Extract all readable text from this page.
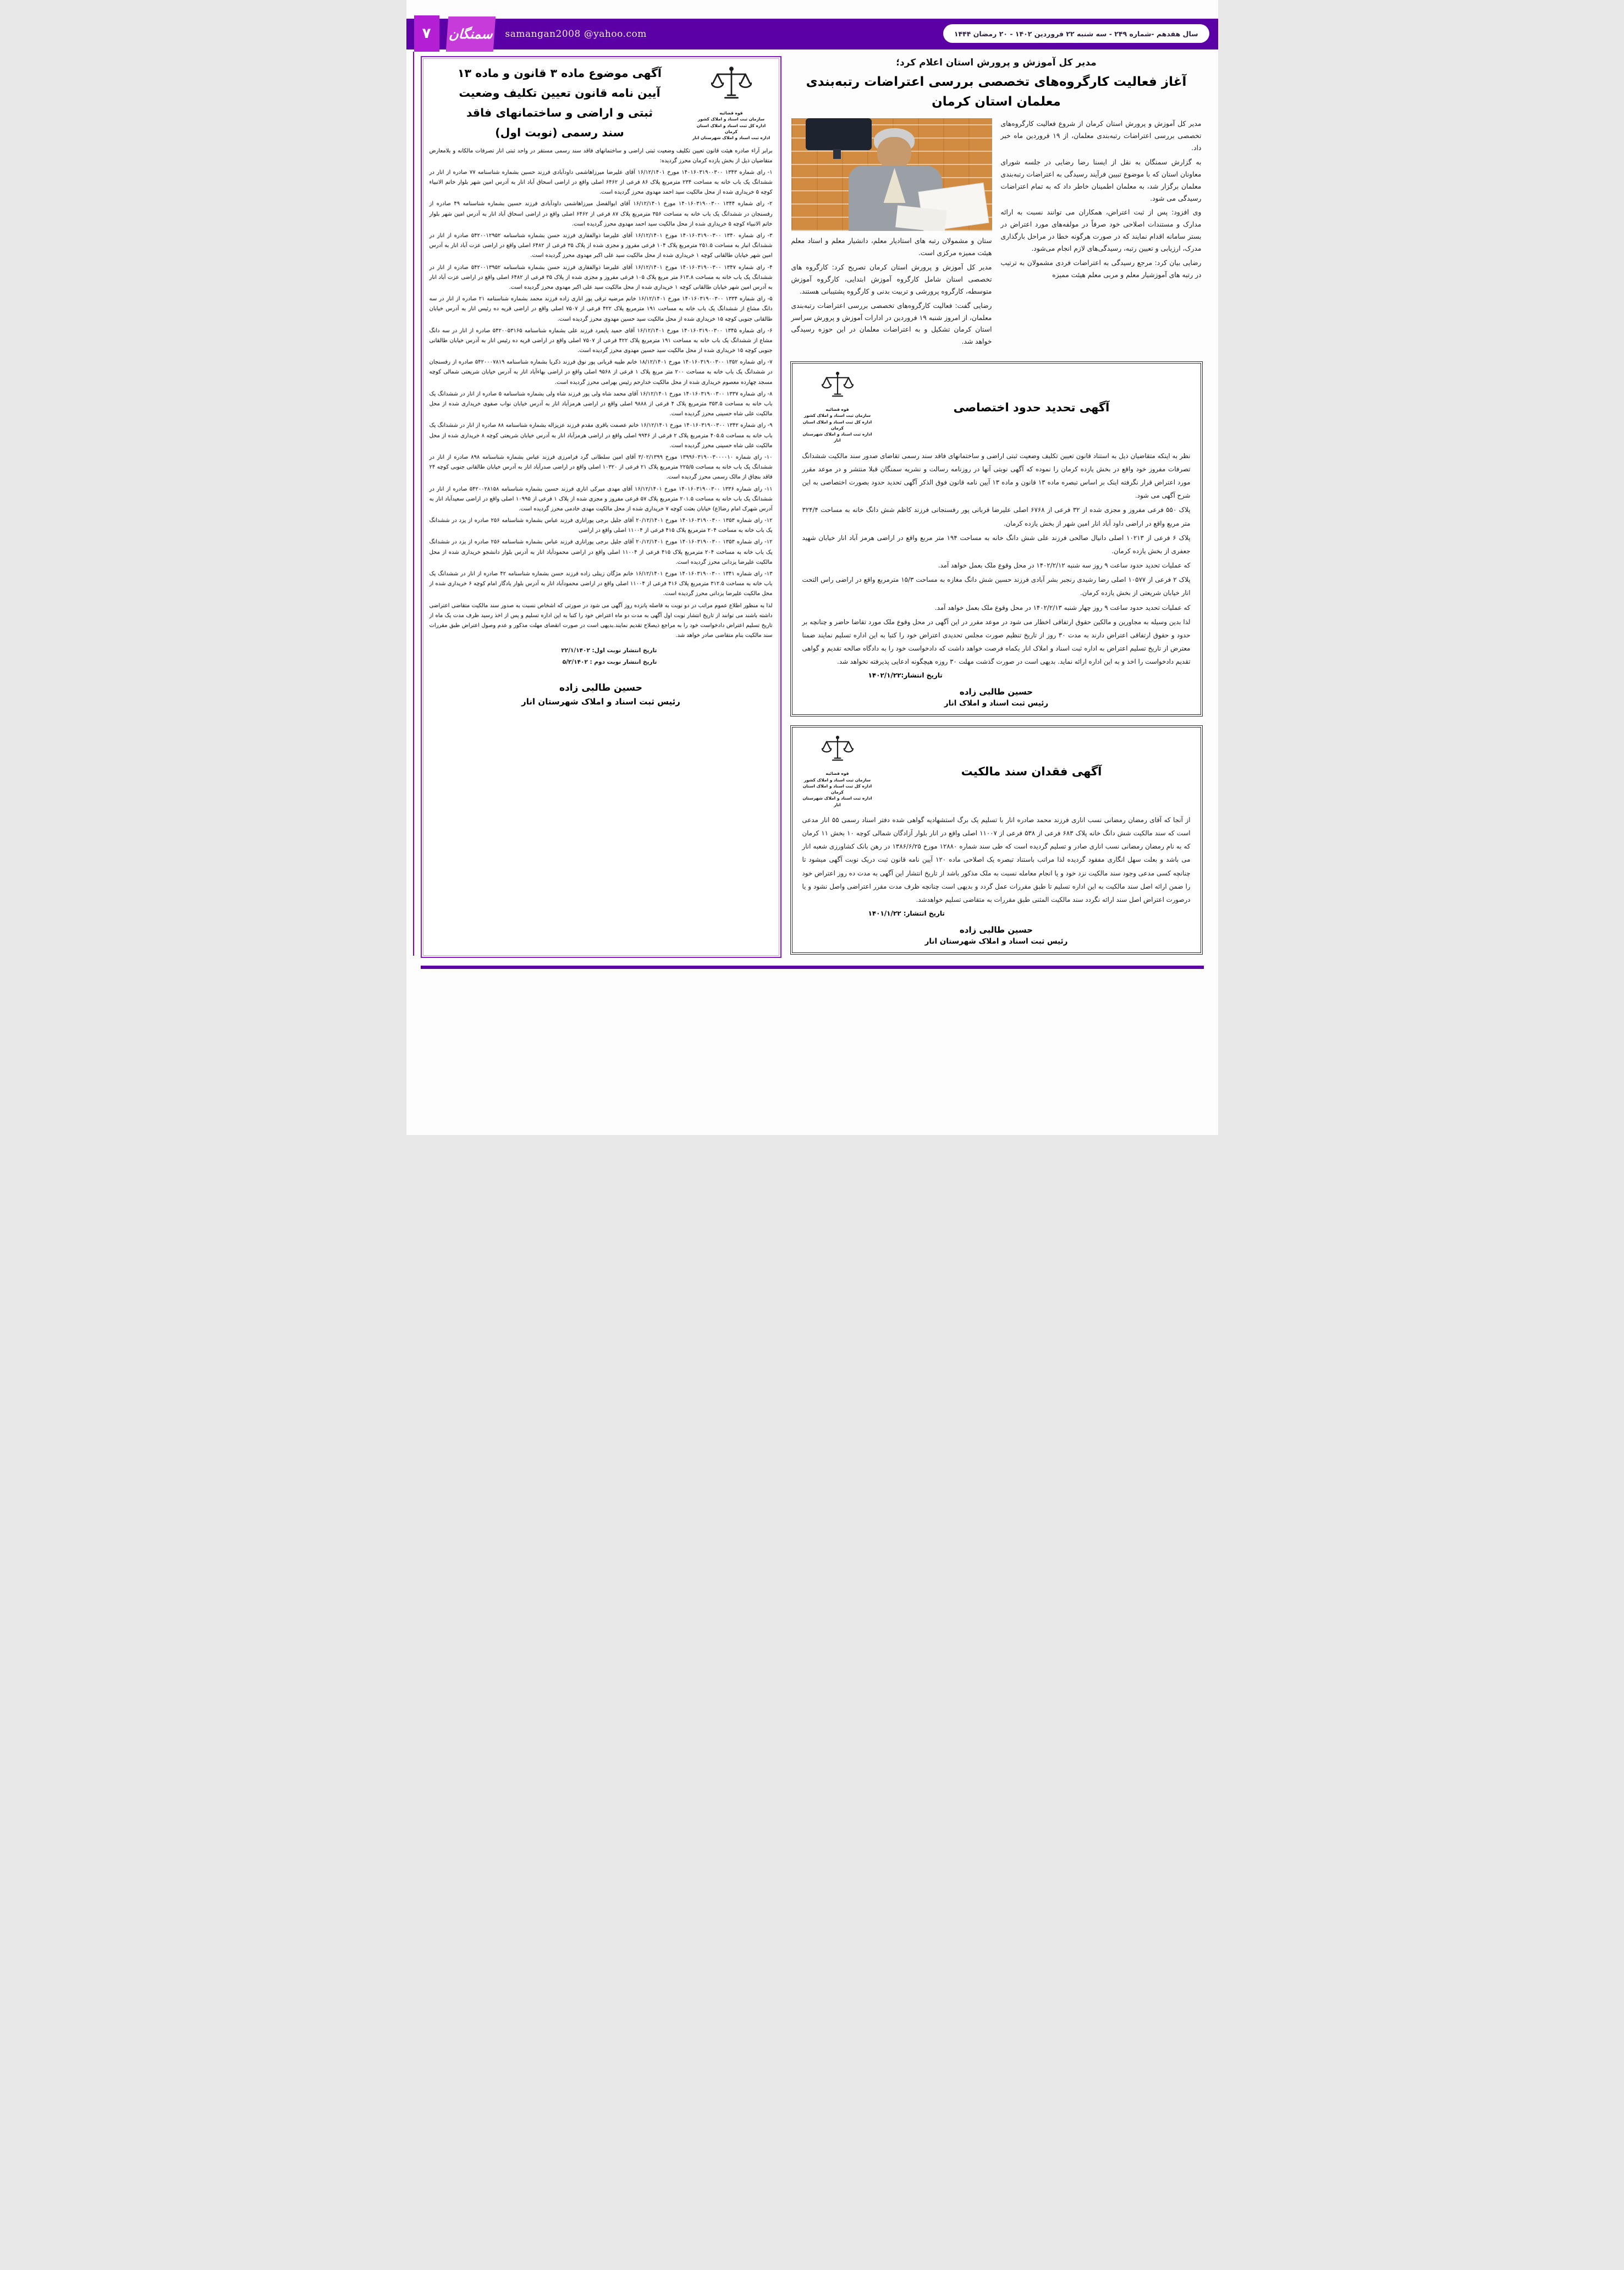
۷ سمنگان samangan2008 @yahoo.com	سال هفدهم -شماره ۲۴۹ - سه شنبه ۲۲ فروردین ۱۴۰۲ - ۲۰ رمضان ۱۴۴۴
مدیر کل آموزش و پرورش استان اعلام کرد؛
آغاز فعالیت کارگروه‌های تخصصی بررسی اعتراضات رتبه‌بندی معلمان استان کرمان

مدیر کل آموزش و پرورش استان کرمان از شروع فعالیت کارگروه‌های تخصصی بررسی اعتراضات رتبه‌بندی معلمان، از ۱۹ فروردین ماه خبر داد.

به گزارش سمنگان به نقل از ایسنا رضا رضایی در جلسه شورای معاونان استان که با موضوع تبیین فرآیند رسیدگی به اعتراضات رتبه‌بندی معلمان برگزار شد، به معلمان اطمینان خاطر داد که به تمام اعتراضات رسیدگی می شود.

وی افزود: پس از ثبت اعتراض، همکاران می توانند نسبت به ارائه مدارک و مستندات اصلاحی خود صرفاً در مولفه‌های مورد اعتراض در بستر سامانه اقدام نمایند که در صورت هرگونه خطا در مراحل بارگذاری مدرک، ارزیابی و تعیین رتبه، رسیدگی‌های لازم انجام می‌شود.

رضایی بیان کرد: مرجع رسیدگی به اعتراضات فردی مشمولان به ترتیب در رتبه های آموزشیار معلم و مربی معلم هیئت ممیزه

ستان و مشمولان رتبه های استادیار معلم، دانشیار معلم و استاد معلم هیئت ممیزه مرکزی است.

مدیر کل آموزش و پرورش استان کرمان تصریح کرد: کارگروه های تخصصی استان شامل کارگروه آموزش ابتدایی، کارگروه آموزش متوسطه، کارگروه پرورشی و تربیت بدنی و کارگروه پشتیبانی هستند.

رضایی گفت: فعالیت کارگروه‌های تخصصی بررسی اعتراضات رتبه‌بندی معلمان، از امروز شنبه ۱۹ فروردین در ادارات آموزش و پرورش سراسر استان کرمان تشکیل و به اعتراضات معلمان در این حوزه رسیدگی خواهد شد.

آگهی تحدید حدود اختصاصی
قوه قضائیه
سازمان ثبت اسناد و املاک کشور
اداره کل ثبت اسناد و املاک استان کرمان
اداره ثبت اسناد و املاک شهرستان انار

نظر به اینکه متقاضیان ذیل به استناد قانون تعیین تکلیف وضعیت ثبتی اراضی و ساختمانهای فاقد سند رسمی تقاضای صدور سند مالکیت ششدانگ تصرفات مفروز خود واقع در بخش یازده کرمان را نموده که آگهی نوبتی آنها در روزنامه رسالت و نشریه سمنگان قبلا منتشر و در موعد مقرر مورد اعتراض قرار نگرفته اینک بر اساس تبصره ماده ۱۳ قانون و ماده ۱۳ آیین نامه قانون فوق الذکر آگهی تحدید حدود بصورت اختصاصی به این شرح آگهی می شود.

پلاک ۵۵۰ فرعی مفروز و مجزی شده از ۳۲ فرعی از ۶۷۶۸ اصلی علیرضا قربانی پور رفسنجانی فرزند کاظم شش دانگ خانه به مساحت ۳۲۴/۴ متر مربع واقع در اراضی داود آباد انار امین شهر از بخش یازده کرمان.

پلاک ۶ فرعی از ۱۰۲۱۳ اصلی دانیال صالحی فرزند علی شش دانگ خانه به مساحت ۱۹۴ متر مربع واقع در اراضی هرمز آباد انار خیابان شهید جعفری از بخش یازده کرمان.

که عملیات تحدید حدود ساعت ۹ روز سه شنبه ۱۴۰۲/۲/۱۲ در محل وقوع ملک بعمل خواهد آمد.

پلاک ۲ فرعی از ۱۰۵۷۷ اصلی رضا رشیدی رنجبر بشر آبادی فرزند حسین شش دانگ مغازه به مساحت ۱۵/۳ مترمربع واقع در اراضی راس التحت انار خیابان شریعتی از بخش یازده کرمان.

که عملیات تحدید حدود ساعت ۹ روز چهار شنبه ۱۴۰۲/۲/۱۳ در محل وقوع ملک بعمل خواهد آمد.

لذا بدین وسیله به مجاورین و مالکین حقوق ارتفاقی اخطار می شود در موعد مقرر در این آگهی در محل وقوع ملک مورد تقاضا حاضر و چنانچه بر حدود و حقوق ارتفاقی اعتراض دارند به مدت ۳۰ روز از تاریخ تنظیم صورت مجلس تحدیدی اعتراض خود را کتبا به این اداره تسلیم نمایند ضمنا معترض از تاریخ تسلیم اعتراض به اداره ثبت اسناد و املاک انار یکماه فرصت خواهد داشت که دادخواست خود را به دادگاه صالحه تقدیم و گواهی تقدیم دادخواست را اخذ و به این اداره ارائه نماید. بدیهی است در صورت گذشت مهلت ۳۰ روزه هیچگونه ادعایی پذیرفته نخواهد شد.

تاریخ انتشار:۱۴۰۲/۱/۲۲
حسین طالبی زاده
رئیس ثبت اسناد و املاک انار
آگهی فقدان سند مالکیت
قوه قضائیه
سازمان ثبت اسناد و املاک کشور
اداره کل ثبت اسناد و املاک استان کرمان
اداره ثبت اسناد و املاک شهرستان انار

از آنجا که آقای رمضان رمضانی نسب اناری فرزند محمد صادره انار با تسلیم یک برگ استشهادیه گواهی شده دفتر اسناد رسمی ۵۵ انار مدعی است که سند مالکیت شش دانگ خانه پلاک ۶۸۳ فرعی از ۵۳۸ فرعی از ۱۱۰۰۷ اصلی واقع در انار بلوار آزادگان شمالی کوچه ۱۰ بخش ۱۱ کرمان که به نام رمضان رمضانی نسب اناری صادر و تسلیم گردیده است که طی سند شماره ۱۲۸۸۰ مورخ ۱۳۸۶/۶/۲۵ در رهن بانک کشاورزی شعبه انار می باشد و بعلت سهل انگاری مفقود گردیده لذا مراتب باستناد تبصره یک اصلاحی ماده ۱۲۰ آیین نامه قانون ثبت دریک نوبت آگهی میشود تا چنانچه کسی مدعی وجود سند مالکیت نزد خود و یا انجام معامله نسبت به ملک مذکور باشد از تاریخ انتشار این آگهی به مدت ده روز اعتراض خود را ضمن ارائه اصل سند مالکیت به این اداره تسلیم تا طبق مقررات عمل گردد و بدیهی است چنانچه ظرف مدت مقرر اعتراضی واصل نشود و یا درصورت اعتراض اصل سند ارائه نگردد سند مالکیت المثنی طبق مقررات به متقاضی تسلیم خواهدشد.

تاریخ انتشار: ۱۴۰۱/۱/۲۲
حسین طالبی زاده
رئیس ثبت اسناد و املاک شهرستان انار
قوه قضائیه
سازمان ثبت اسناد و املاک کشور
اداره کل ثبت اسناد و املاک استان کرمان
اداره ثبت اسناد و املاک شهرستان انار
آگهی موضوع ماده ۳ قانون و ماده ۱۳
آیین نامه قانون تعیین تکلیف وضعیت
ثبتی و اراضی و ساختمانهای فاقد
سند رسمی (نوبت اول)

برابر آراء صادره هیئت قانون تعیین تکلیف وضعیت ثبتی اراضی و ساختمانهای فاقد سند رسمی مستقر در واحد ثبتی انار تصرفات مالکانه و بلامعارض متقاضیان ذیل از بخش یازده کرمان محرز گردیده:

۱- رای شماره ۱۳۴۳ ۱۴۰۱۶۰۳۱۹۰۰۳۰۰ مورخ ۱۶/۱۲/۱۴۰۱ آقای علیرضا میرزاهاشمی داودآبادی فرزند حسین بشماره شناسنامه ۷۷ صادره از انار در ششدانگ یک باب خانه به مساحت ۲۳۴ مترمربع پلاک ۸۶ فرعی از ۶۴۶۲ اصلی واقع در اراضی اسحاق آباد انار به آدرس امین شهر بلوار خاتم الانبیاء کوچه ۵ خریداری شده از محل مالکیت سید احمد مهدوی محرز گردیده است.

۲- رای شماره ۱۳۴۴ ۱۴۰۱۶۰۳۱۹۰۰۳۰۰ مورخ ۱۶/۱۲/۱۴۰۱ آقای ابوالفضل میرزاهاشمی داودآبادی فرزند حسین بشماره شناسنامه ۴۹ صادره از رفسنجان در ششدانگ یک باب خانه به مساحت ۳۵۶ مترمربع پلاک ۸۷ فرعی از ۶۴۶۲ اصلی واقع در اراضی اسحاق آباد انار به آدرس امین شهر بلوار خاتم الانبیاء کوچه ۵ خریداری شده از محل مالکیت سید احمد مهدوی محرز گردیده است.

۳- رای شماره ۱۳۴۰ ۱۴۰۱۶۰۳۱۹۰۰۳۰۰ مورخ ۱۶/۱۲/۱۴۰۱ آقای علیرضا ذوالفقاری فرزند حسن بشماره شناسنامه ۵۴۲۰۰۱۲۹۵۲ صادره از انار در ششدانگ انبار به مساحت ۲۵۱.۵ مترمربع پلاک ۱۰۴ فرعی مفروز و مجزی شده از پلاک ۳۵ فرعی از ۶۴۸۲ اصلی واقع در اراضی عزت آباد انار به آدرس امین شهر خیابان طالقانی کوچه ۱ خریداری شده از محل مالکیت سید علی اکبر مهدوی محرز گردیده است.

۴- رای شماره ۱۳۴۷ ۱۴۰۱۶۰۳۱۹۰۰۳۰۰ مورخ ۱۶/۱۲/۱۴۰۱ آقای علیرضا ذوالفقاری فرزند حسن بشماره شناسنامه ۵۴۲۰۰۱۳۹۵۲ صادره از انار در ششدانگ یک باب خانه به مساحت ۶۱۳.۸ متر مربع پلاک ۱۰۵ فرعی مفروز و مجزی شده از پلاک ۳۵ فرعی از ۶۴۸۲ اصلی واقع در اراضی عزت آباد انار به آدرس امین شهر خیابان طالقانی کوچه ۱ خریداری شده از محل مالکیت سید علی اکبر مهدوی محرز گردیده است.

۵- رای شماره ۱۳۳۴ ۱۴۰۱۶۰۳۱۹۰۰۳۰۰ مورخ ۱۶/۱۲/۱۴۰۱ خانم مرضیه ترقی پور اناری زاده فرزند محمد بشماره شناسنامه ۲۱ صادره از انار در سه دانگ مشاع از ششدانگ یک باب خانه به مساحت ۱۹۱ مترمربع پلاک ۴۲۲ فرعی از ۷۵۰۷ اصلی واقع در اراضی قریه ده رئیس انار به آدرس خیابان طالقانی جنوبی کوچه ۱۵ خریداری شده از محل مالکیت سید حسین مهدوی محرز گردیده است.

۶- رای شماره ۱۳۴۵ ۱۴۰۱۶۰۳۱۹۰۰۳۰۰ مورخ ۱۶/۱۲/۱۴۰۱ آقای حمید پایمرد فرزند علی بشماره شناسنامه ۵۴۲۰۰۵۳۱۶۵ صادره از انار در سه دانگ مشاع از ششدانگ یک باب خانه به مساحت ۱۹۱ مترمربع پلاک ۴۲۲ فرعی از ۷۵۰۷ اصلی واقع در اراضی قریه ده رئیس انار به آدرس خیابان طالقانی جنوبی کوچه ۱۵ خریداری شده از محل مالکیت سید حسین مهدوی محرز گردیده است.

۷- رای شماره ۱۳۵۲ ۱۴۰۱۶۰۳۱۹۰۰۳۰۰ مورخ ۱۸/۱۲/۱۴۰۱ خانم طیبه قربانی پور نوق فرزند ذکریا بشماره شناسنامه ۵۴۲۰۰۰۷۸۱۹ صادره از رفسنجان در ششدانگ یک باب خانه به مساحت ۲۰۰ متر مربع پلاک ۱ فرعی از ۹۵۶۸ اصلی واقع در اراضی بهاءآباد انار به آدرس خیابان شریعتی شمالی کوچه مسجد چهارده معصوم خریداری شده از محل مالکیت خدارحم رئیس بهرامی محرز گردیده است.

۸- رای شماره ۱۳۳۷ ۱۴۰۱۶۰۳۱۹۰۰۳۰۰ مورخ ۱۶/۱۲/۱۴۰۱ آقای محمد شاه ولی پور فرزند شاه ولی بشماره شناسنامه ۵ صادره از انار در ششدانگ یک باب خانه به مساحت ۳۵۳.۵ مترمربع پلاک ۴ فرعی از ۹۸۸۸ اصلی واقع در اراضی هرمزآباد انار به آدرس خیابان نواب صفوی خریداری شده از محل مالکیت علی شاه حسینی محرز گردیده است.

۹- رای شماره ۱۳۴۲ ۱۴۰۱۶۰۳۱۹۰۰۳۰۰ مورخ ۱۶/۱۲/۱۴۰۱ خانم عصمت باقری مقدم فرزند عزیزاله بشماره شناسنامه ۸۸ صادره از انار در ششدانگ یک باب خانه به مساحت ۴۰۵.۵ مترمربع پلاک ۲ فرعی از ۹۹۴۶ اصلی واقع در اراضی هرمزآباد انار به آدرس خیابان شریعتی کوچه ۸ خریداری شده از محل مالکیت علی شاه حسینی محرز گردیده است.

۱۰- رای شماره ۱۳۹۹۶۰۳۱۹۰۰۳۰۰۰۰۱۰ مورخ ۳/۰۲/۱۳۹۹ آقای امین سلطانی گرد فرامرزی فرزند عباس بشماره شناسنامه ۸۹۸ صادره از انار در ششدانگ یک باب خانه به مساحت ۲۲۵/۵ مترمربع پلاک ۲۱ فرعی از ۱۰۳۲۰ اصلی واقع در اراضی صدرآباد انار به آدرس خیابان طالقانی جنوبی کوچه ۲۴ فاقد بنچاق از مالک رسمی محرز گردیده است.

۱۱- رای شماره ۱۳۳۶ ۱۴۰۱۶۰۳۱۹۰۰۳۰۰ مورخ ۱۶/۱۲/۱۴۰۱ آقای مهدی میرکی اناری فرزند حسین بشماره شناسنامه ۵۴۲۰۰۲۸۱۵۸ صادره از انار در ششدانگ یک باب خانه به مساحت ۲۰۱.۵ مترمربع پلاک ۵۷ فرعی مفروز و مجزی شده از پلاک ۱ فرعی از ۱۰۹۹۵ اصلی واقع در اراضی سعیدآباد انار به آدرس شهرک امام رضا(ع) خیابان بعثت کوچه ۷ خریداری شده از محل مالکیت مهدی خادمی محرز گردیده است.

۱۲- رای شماره ۱۳۵۳ ۱۴۰۱۶۰۳۱۹۰۰۳۰۰ مورخ ۲۰/۱۲/۱۴۰۱ آقای جلیل برجی پوراناری فرزند عباس بشماره شناسنامه ۲۵۶ صادره از یزد در ششدانگ یک باب خانه به مساحت ۲۰۴ مترمربع پلاک ۴۱۵ فرعی از ۱۱۰۰۴ اصلی واقع در اراضی

۱۲- رای شماره ۱۳۵۳ ۱۴۰۱۶۰۳۱۹۰۰۳۰۰ مورخ ۲۰/۱۲/۱۴۰۱ آقای جلیل برجی پوراناری فرزند عباس بشماره شناسنامه ۲۵۶ صادره از یزد در ششدانگ یک باب خانه به مساحت ۲۰۴ مترمربع پلاک ۴۱۵ فرعی از ۱۱۰۰۴ اصلی واقع در اراضی محمودآباد انار به آدرس بلوار دانشجو خریداری شده از محل مالکیت علیرضا یزدانی محرز گردیده است.

۱۳- رای شماره ۱۳۴۱ ۱۴۰۱۶۰۳۱۹۰۰۳۰۰ مورخ ۱۶/۱۲/۱۴۰۱ خانم مژگان زینلی زاده فرزند حسن بشماره شناسنامه ۴۲ صادره از انار در ششدانگ یک باب خانه به مساحت ۳۱۲.۵ مترمربع پلاک ۴۱۶ فرعی از ۱۱۰۰۴ اصلی واقع در اراضی محمودآباد انار به آدرس بلوار یادگار امام کوچه ۶ خریداری شده از محل مالکیت علیرضا یزدانی محرز گردیده است.

لذا به منظور اطلاع عموم مراتب در دو نوبت به فاصله پانزده روز آگهی می شود در صورتی که اشخاص نسبت به صدور سند مالکیت متقاضی اعتراضی داشته باشند می توانند از تاریخ انتشار نوبت اول آگهی به مدت دو ماه اعتراض خود را کتبا به این اداره تسلیم و پس از اخذ رسید ظرف مدت یک ماه از تاریخ تسلیم اعتراض دادخواست خود را به مراجع ذیصلاح تقدیم نمایند.بدیهی است در صورت انقضای مهلت مذکور و عدم وصول اعتراض طبق مقررات سند مالکیت بنام متقاضی صادر خواهد شد.

تاریخ انتشار نوبت اول: ۲۲/۱/۱۴۰۲
تاریخ انتشار نوبت دوم : ۵/۲/۱۴۰۲
حسین طالبی زاده
رئیس ثبت اسناد و املاک شهرستان انار
